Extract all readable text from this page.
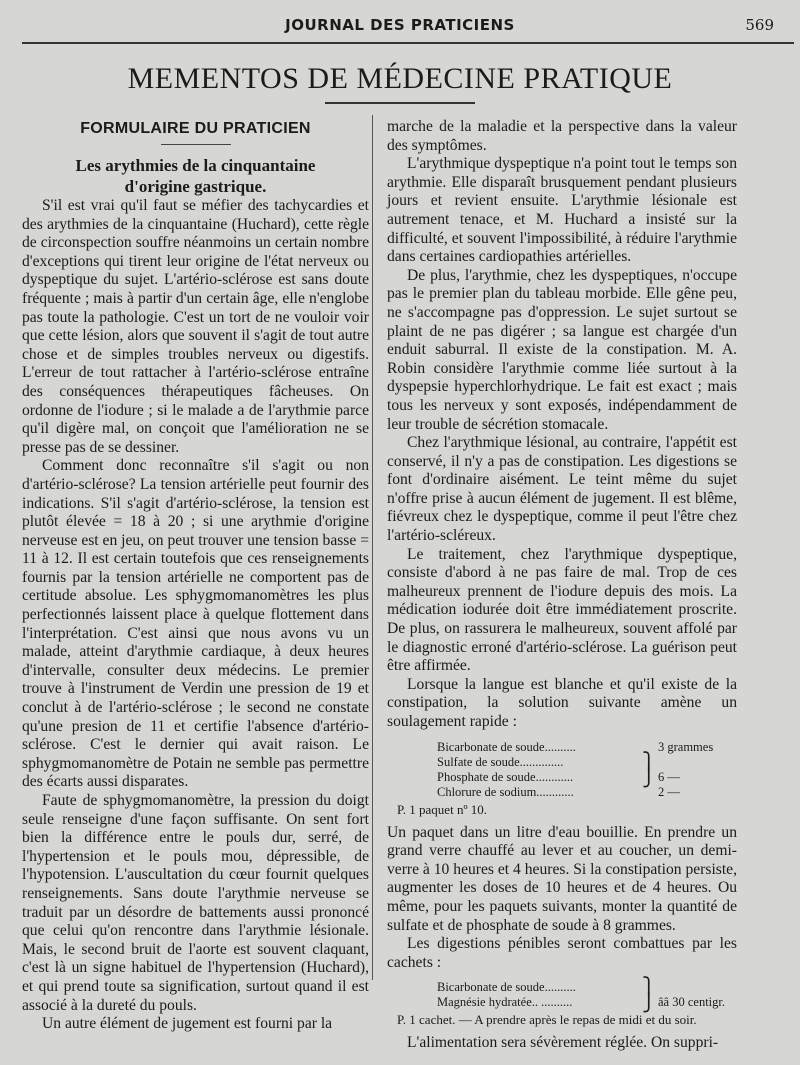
JOURNAL DES PRATICIENS	569
MEMENTOS DE MÉDECINE PRATIQUE
FORMULAIRE DU PRATICIEN
Les arythmies de la cinquantaine
d'origine gastrique.

S'il est vrai qu'il faut se méfier des tachycardies et des arythmies de la cinquantaine (Huchard), cette règle de circonspection souffre néanmoins un certain nombre d'exceptions qui tirent leur origine de l'état nerveux ou dyspeptique du sujet. L'artério-sclérose est sans doute fréquente ; mais à partir d'un certain âge, elle n'englobe pas toute la pathologie. C'est un tort de ne vouloir voir que cette lésion, alors que souvent il s'agit de tout autre chose et de simples troubles nerveux ou digestifs. L'erreur de tout rattacher à l'artério-sclérose entraîne des conséquences thérapeutiques fâcheuses. On ordonne de l'iodure ; si le malade a de l'arythmie parce qu'il digère mal, on conçoit que l'amélioration ne se presse pas de se dessiner.

Comment donc reconnaître s'il s'agit ou non d'artério-sclérose? La tension artérielle peut fournir des indications. S'il s'agit d'artério-sclérose, la tension est plutôt élevée = 18 à 20 ; si une arythmie d'origine nerveuse est en jeu, on peut trouver une tension basse = 11 à 12. Il est certain toutefois que ces renseignements fournis par la tension artérielle ne comportent pas de certitude absolue. Les sphygmomanomètres les plus perfectionnés laissent place à quelque flottement dans l'interprétation. C'est ainsi que nous avons vu un malade, atteint d'arythmie cardiaque, à deux heures d'intervalle, consulter deux médecins. Le premier trouve à l'instrument de Verdin une pression de 19 et conclut à de l'artério-sclérose ; le second ne constate qu'une presion de 11 et certifie l'absence d'artério-sclérose. C'est le dernier qui avait raison. Le sphygmomanomètre de Potain ne semble pas permettre des écarts aussi disparates.

Faute de sphygmomanomètre, la pression du doigt seule renseigne d'une façon suffisante. On sent fort bien la différence entre le pouls dur, serré, de l'hypertension et le pouls mou, dépressible, de l'hypotension. L'auscultation du cœur fournit quelques renseignements. Sans doute l'arythmie nerveuse se traduit par un désordre de battements aussi prononcé que celui qu'on rencontre dans l'arythmie lésionale. Mais, le second bruit de l'aorte est souvent claquant, c'est là un signe habituel de l'hypertension (Huchard), et qui prend toute sa signification, surtout quand il est associé à la dureté du pouls.

Un autre élément de jugement est fourni par la

marche de la maladie et la perspective dans la valeur des symptômes.

L'arythmique dyspeptique n'a point tout le temps son arythmie. Elle disparaît brusquement pendant plusieurs jours et revient ensuite. L'arythmie lésionale est autrement tenace, et M. Huchard a insisté sur la difficulté, et souvent l'impossibilité, à réduire l'arythmie dans certaines cardiopathies artérielles.

De plus, l'arythmie, chez les dyspeptiques, n'occupe pas le premier plan du tableau morbide. Elle gêne peu, ne s'accompagne pas d'oppression. Le sujet surtout se plaint de ne pas digérer ; sa langue est chargée d'un enduit saburral. Il existe de la constipation. M. A. Robin considère l'arythmie comme liée surtout à la dyspepsie hyperchlorhydrique. Le fait est exact ; mais tous les nerveux y sont exposés, indépendamment de leur trouble de sécrétion stomacale.

Chez l'arythmique lésional, au contraire, l'appétit est conservé, il n'y a pas de constipation. Les digestions se font d'ordinaire aisément. Le teint même du sujet n'offre prise à aucun élément de jugement. Il est blême, fiévreux chez le dyspeptique, comme il peut l'être chez l'artério-scléreux.

Le traitement, chez l'arythmique dyspeptique, consiste d'abord à ne pas faire de mal. Trop de ces malheureux prennent de l'iodure depuis des mois. La médication iodurée doit être immédiatement proscrite. De plus, on rassurera le malheureux, souvent affolé par le diagnostic erroné d'artério-sclérose. La guérison peut être affirmée.

Lorsque la langue est blanche et qu'il existe de la constipation, la solution suivante amène un soulagement rapide :

Bicarbonate de soude..........	3 grammes
Sulfate de soude..............	⎫
Phosphate de soude............	⎭ 6 —
Chlorure de sodium............	2 —
P. 1 paquet nº 10.

Un paquet dans un litre d'eau bouillie. En prendre un grand verre chauffé au lever et au coucher, un demi-verre à 10 heures et 4 heures. Si la constipation persiste, augmenter les doses de 10 heures et de 4 heures. Ou même, pour les paquets suivants, monter la quantité de sulfate et de phosphate de soude à 8 grammes.

Les digestions pénibles seront combattues par les cachets :

Bicarbonate de soude..........	⎫
Magnésie hydratée.. ..........	⎭ ââ 30 centigr.
P. 1 cachet. — A prendre après le repas de midi et du soir.

L'alimentation sera sévèrement réglée. On suppri-
